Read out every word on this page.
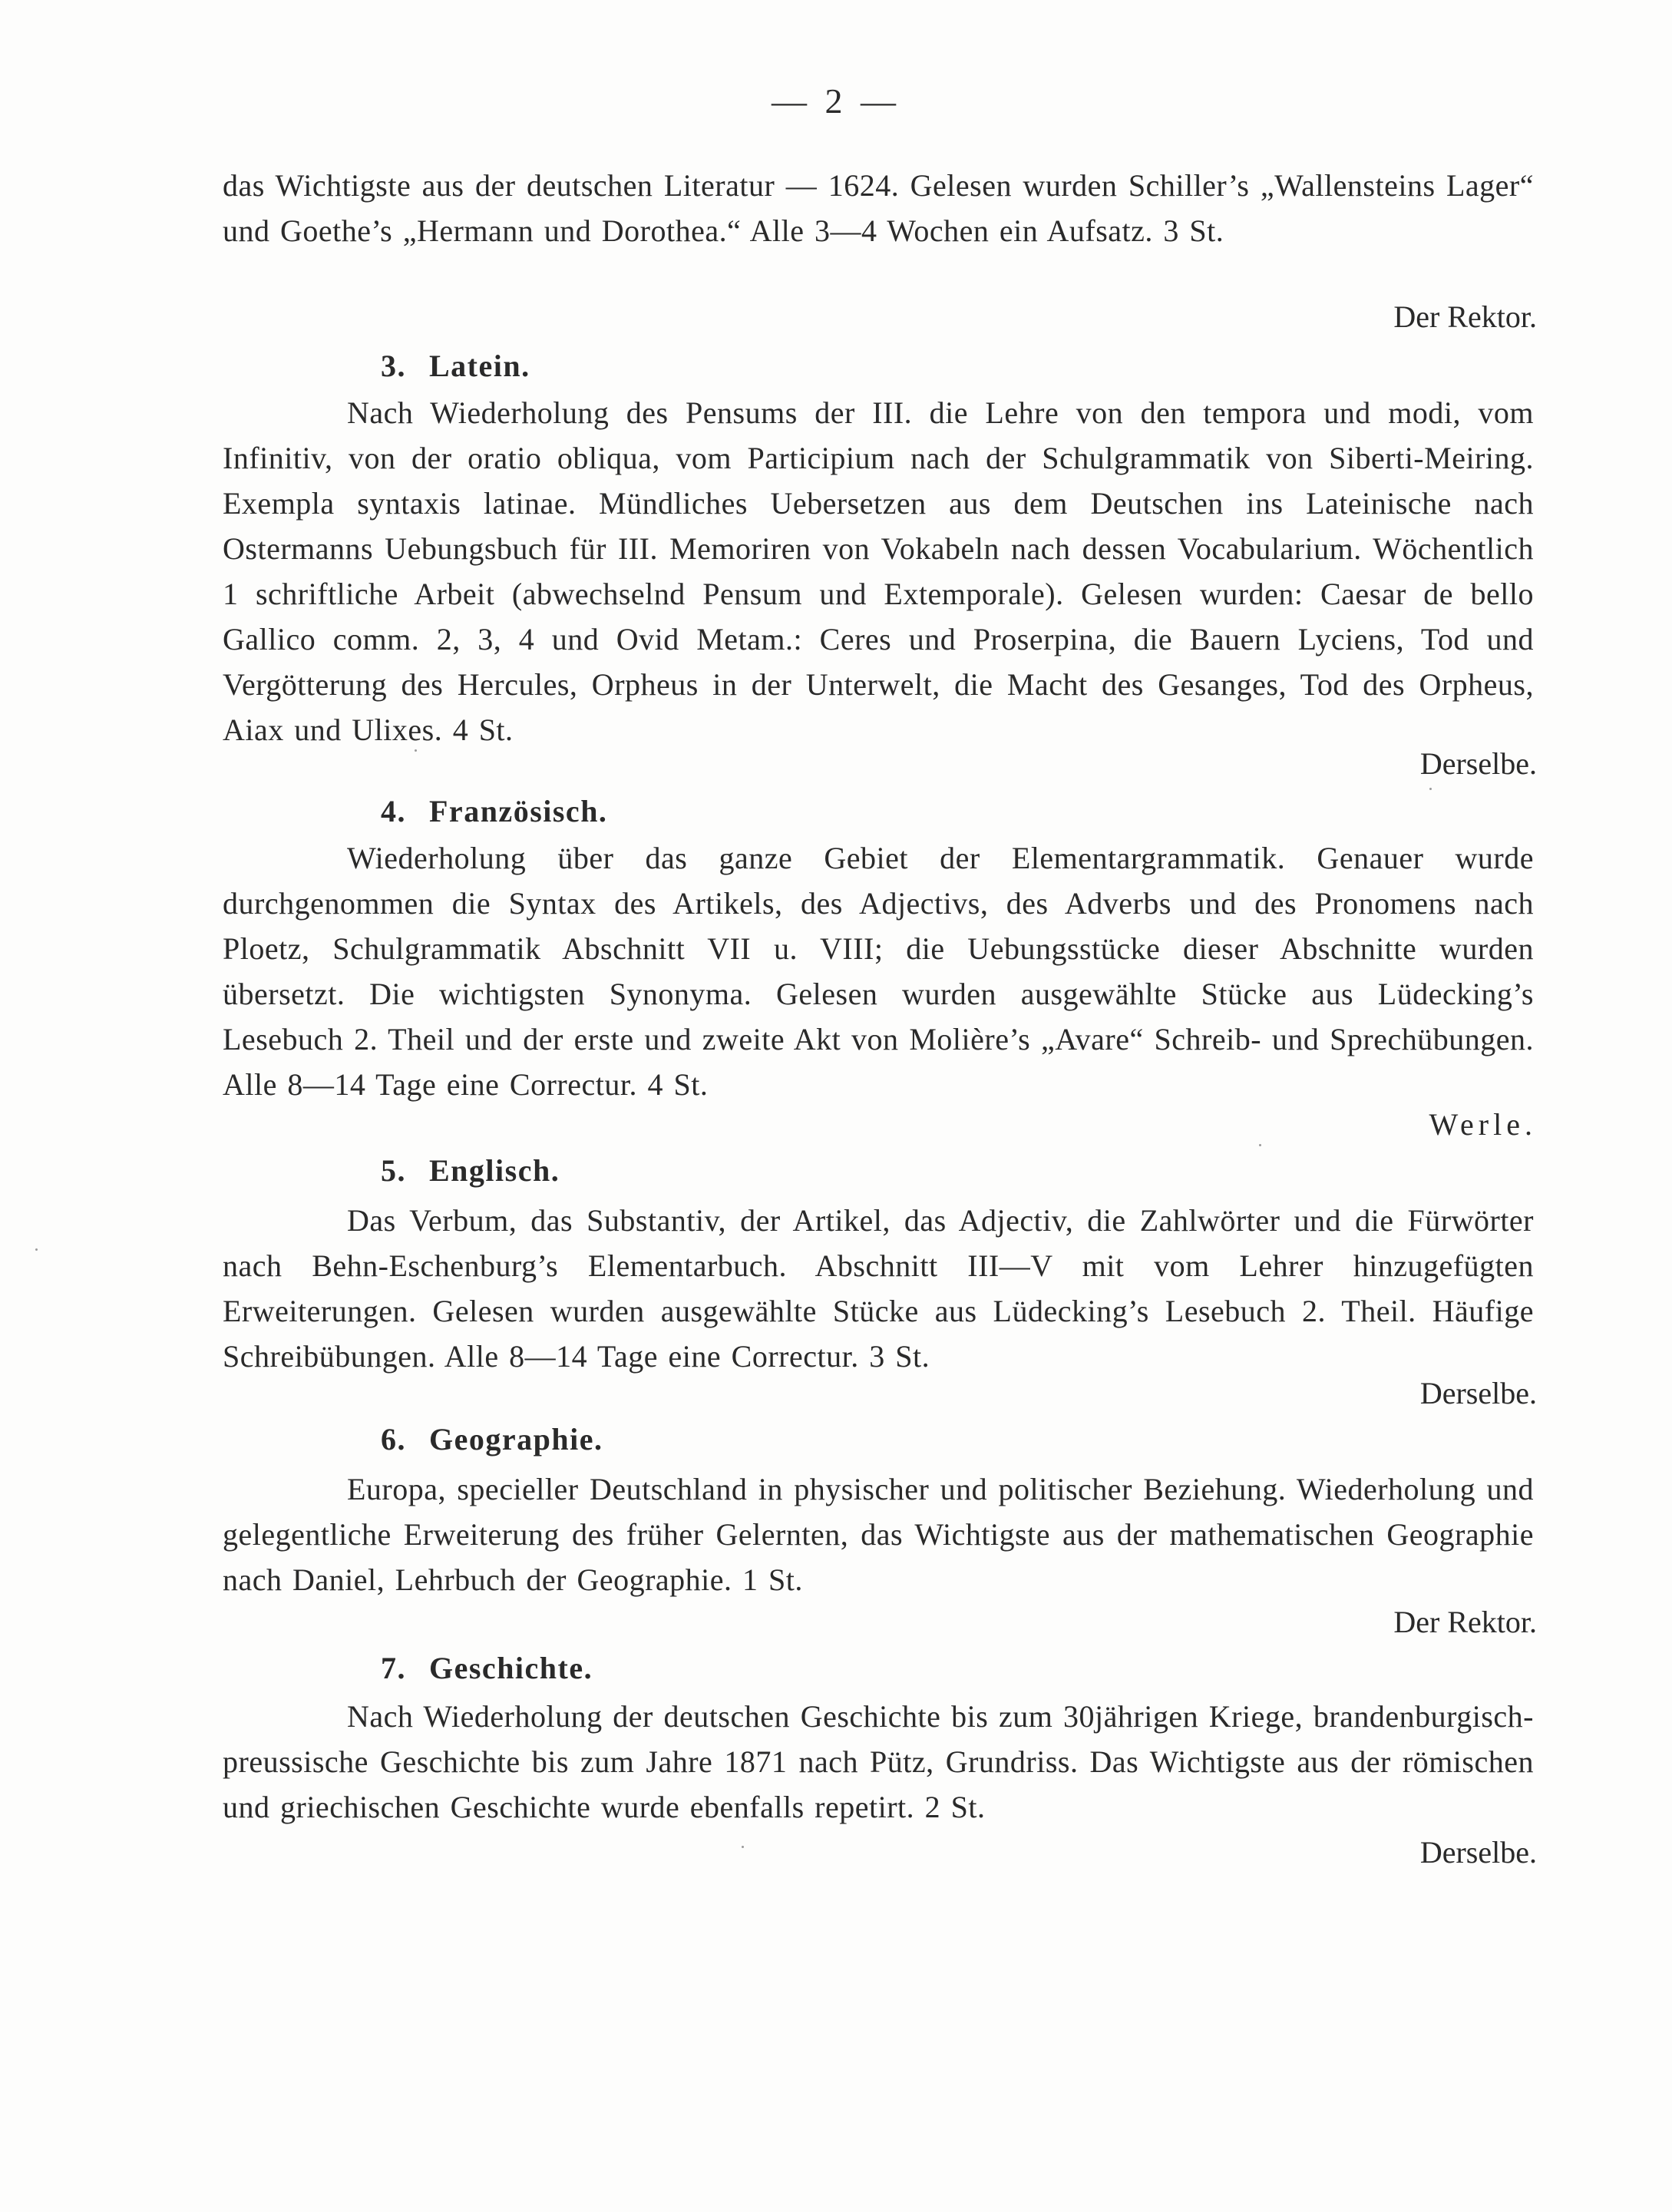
— 2 —

das Wichtigste aus der deutschen Literatur — 1624. Gelesen wurden Schiller’s „Wallensteins Lager“ und Goethe’s „Hermann und Dorothea.“ Alle 3—4 Wochen ein Aufsatz. 3 St.

Der Rektor.
3. Latein.

Nach Wiederholung des Pensums der III. die Lehre von den tempora und modi, vom Infinitiv, von der oratio obliqua, vom Participium nach der Schulgrammatik von Siberti-Meiring. Exempla syntaxis latinae. Mündliches Uebersetzen aus dem Deutschen ins Lateinische nach Ostermanns Uebungsbuch für III. Memoriren von Vokabeln nach dessen Vocabularium. Wöchentlich 1 schriftliche Arbeit (abwechselnd Pensum und Extemporale). Gelesen wurden: Caesar de bello Gallico comm. 2, 3, 4 und Ovid Metam.: Ceres und Proserpina, die Bauern Lyciens, Tod und Vergötterung des Hercules, Orpheus in der Unterwelt, die Macht des Gesanges, Tod des Orpheus, Aiax und Ulixes. 4 St.

Derselbe.
4. Französisch.

Wiederholung über das ganze Gebiet der Elementargrammatik. Genauer wurde durchgenommen die Syntax des Artikels, des Adjectivs, des Adverbs und des Pronomens nach Ploetz, Schulgrammatik Abschnitt VII u. VIII; die Uebungsstücke dieser Abschnitte wurden übersetzt. Die wichtigsten Synonyma. Gelesen wurden ausgewählte Stücke aus Lüdecking’s Lesebuch 2. Theil und der erste und zweite Akt von Molière’s „Avare“ Schreib- und Sprechübungen. Alle 8—14 Tage eine Correctur. 4 St.

Werle.
5. Englisch.

Das Verbum, das Substantiv, der Artikel, das Adjectiv, die Zahlwörter und die Fürwörter nach Behn-Eschenburg’s Elementarbuch. Abschnitt III—V mit vom Lehrer hinzugefügten Erweiterungen. Gelesen wurden ausgewählte Stücke aus Lüdecking’s Lesebuch 2. Theil. Häufige Schreibübungen. Alle 8—14 Tage eine Correctur. 3 St.

Derselbe.
6. Geographie.

Europa, specieller Deutschland in physischer und politischer Beziehung. Wiederholung und gelegentliche Erweiterung des früher Gelernten, das Wichtigste aus der mathematischen Geographie nach Daniel, Lehrbuch der Geographie. 1 St.

Der Rektor.
7. Geschichte.

Nach Wiederholung der deutschen Geschichte bis zum 30jährigen Kriege, brandenburgisch-preussische Geschichte bis zum Jahre 1871 nach Pütz, Grundriss. Das Wichtigste aus der römischen und griechischen Geschichte wurde ebenfalls repetirt. 2 St.

Derselbe.
